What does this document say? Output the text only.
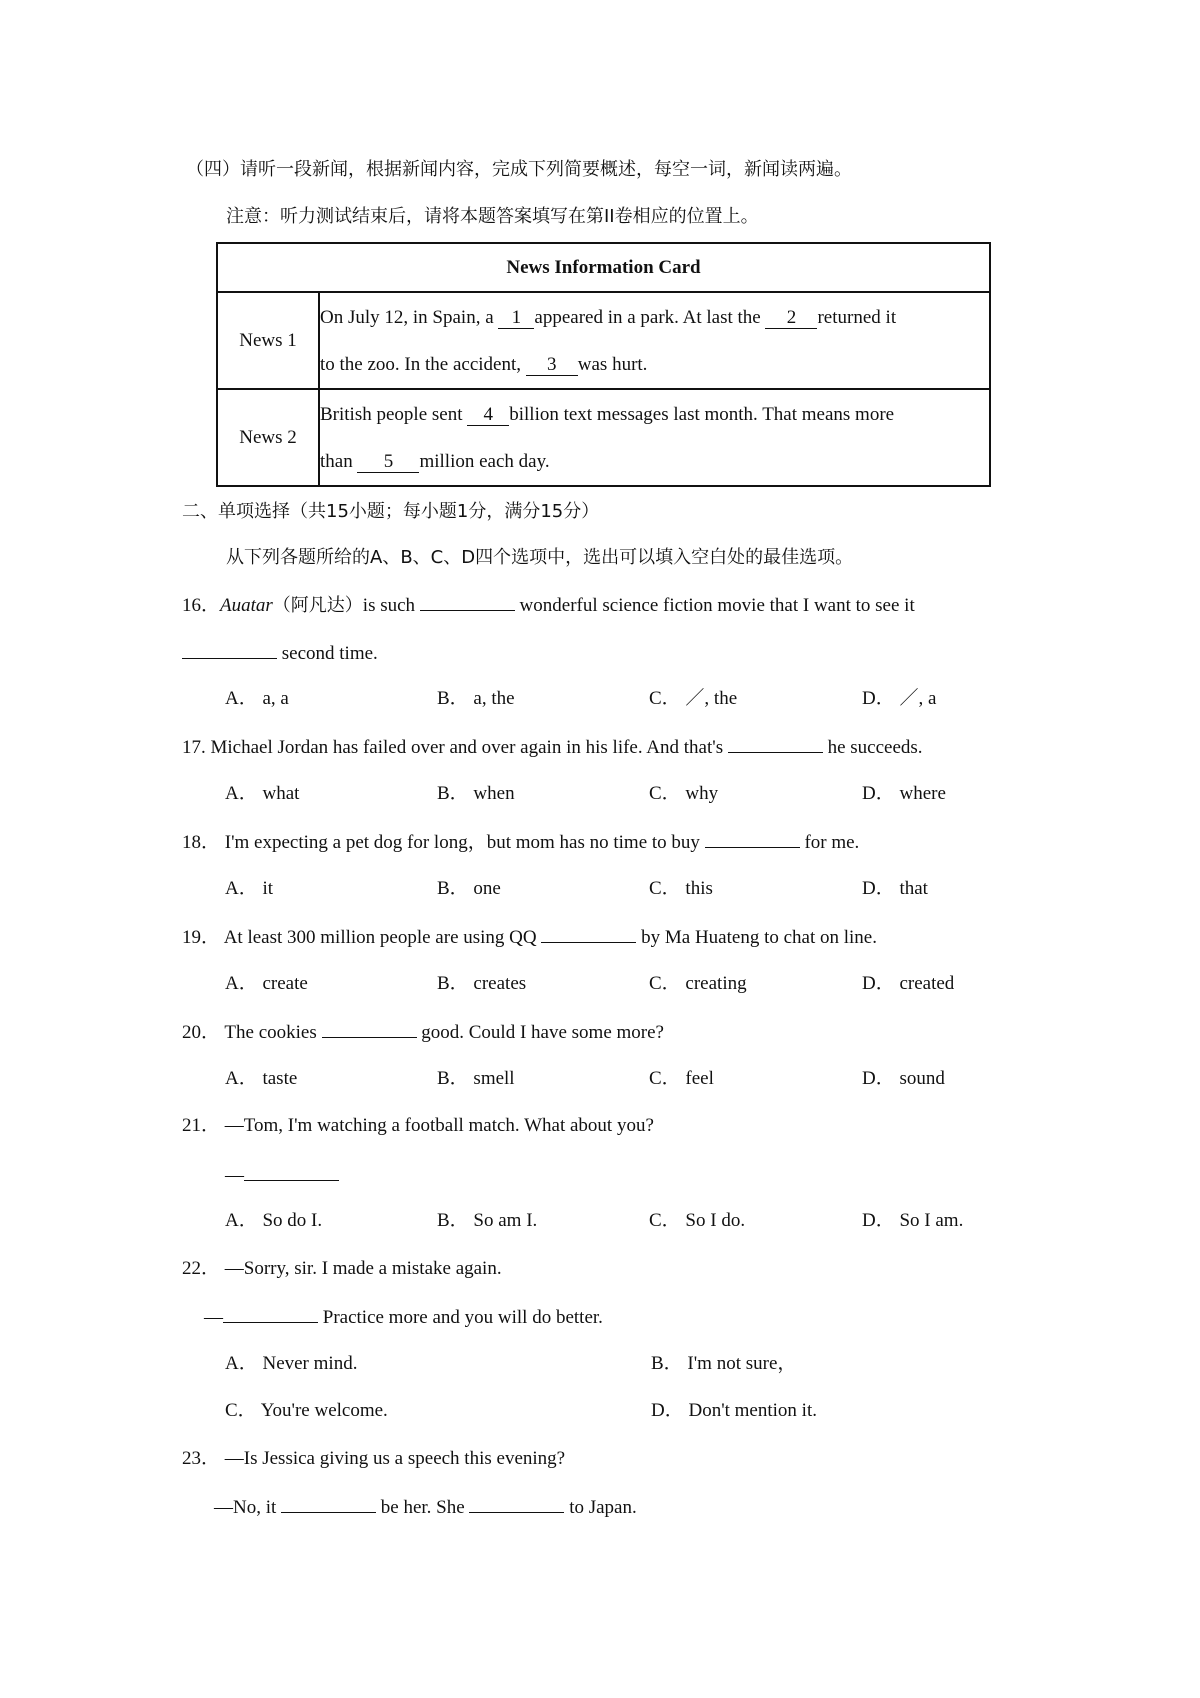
（四）请听一段新闻，根据新闻内容，完成下列简要概述，每空一词，新闻读两遍。
注意：听力测试结束后，请将本题答案填写在第II卷相应的位置上。
News Information Card	
News 1	On July 12, in Spain, a 1 appeared in a park. At last the 2 returned it
to the zoo. In the accident, 3 was hurt.

News 2	British people sent 4 billion text messages last month. That means more
than 5 million each day.
二、单项选择（共15小题；每小题1分，满分15分）
从下列各题所给的A、B、C、D四个选项中，选出可以填入空白处的最佳选项。
16．Auatar（阿凡达）is such	wonderful science fiction movie that I want to see it
second time.
A． a, a	B． a, the	C． ／, the	D． ／, a
17. Michael Jordan has failed over and over again in his life. And that's	he succeeds.
A． what	B． when	C． why	D． where
18． I'm expecting a pet dog for long，but mom has no time to buy	for me.
A． it	B． one	C． this	D． that
19． At least 300 million people are using QQ	by Ma Huateng to chat on line.
A． create	B． creates	C． creating	D． created
20． The cookies	good. Could I have some more?
A． taste	B． smell	C． feel	D． sound
21． —Tom, I'm watching a football match. What about you?
—
A． So do I.	B． So am I.	C． So I do.	D． So I am.
22． —Sorry, sir. I made a mistake again.
—	Practice more and you will do better.
A． Never mind.	B． I'm not sure，
C． You're welcome.	D． Don't mention it.
23． —Is Jessica giving us a speech this evening?
—No, it	be her. She	to Japan.
